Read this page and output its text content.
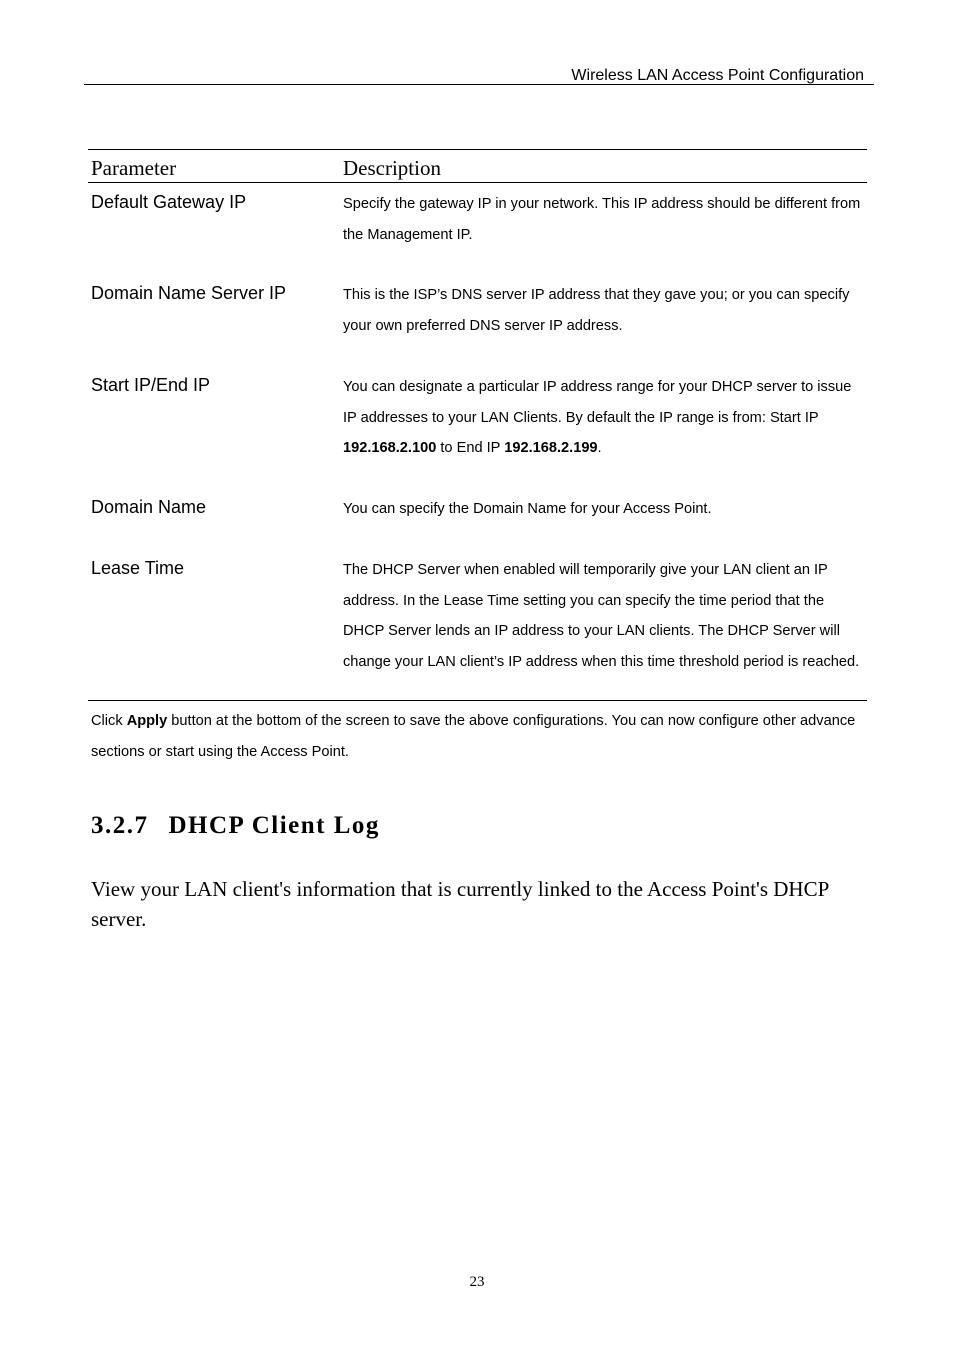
Wireless LAN Access Point Configuration
Parameter	Description
Default Gateway IP	Specify the gateway IP in your network. This IP address should be different from the Management IP.
Domain Name Server IP	This is the ISP’s DNS server IP address that they gave you; or you can specify your own preferred DNS server IP address.
Start IP/End IP	You can designate a particular IP address range for your DHCP server to issue IP addresses to your LAN Clients. By default the IP range is from: Start IP 192.168.2.100 to End IP 192.168.2.199.
Domain Name	You can specify the Domain Name for your Access Point.
Lease Time	The DHCP Server when enabled will temporarily give your LAN client an IP address. In the Lease Time setting you can specify the time period that the DHCP Server lends an IP address to your LAN clients. The DHCP Server will change your LAN client’s IP address when this time threshold period is reached.
Click Apply button at the bottom of the screen to save the above configurations. You can now configure other advance sections or start using the Access Point.
3.2.7 DHCP Client Log
View your LAN client's information that is currently linked to the Access Point's DHCP server.
23
